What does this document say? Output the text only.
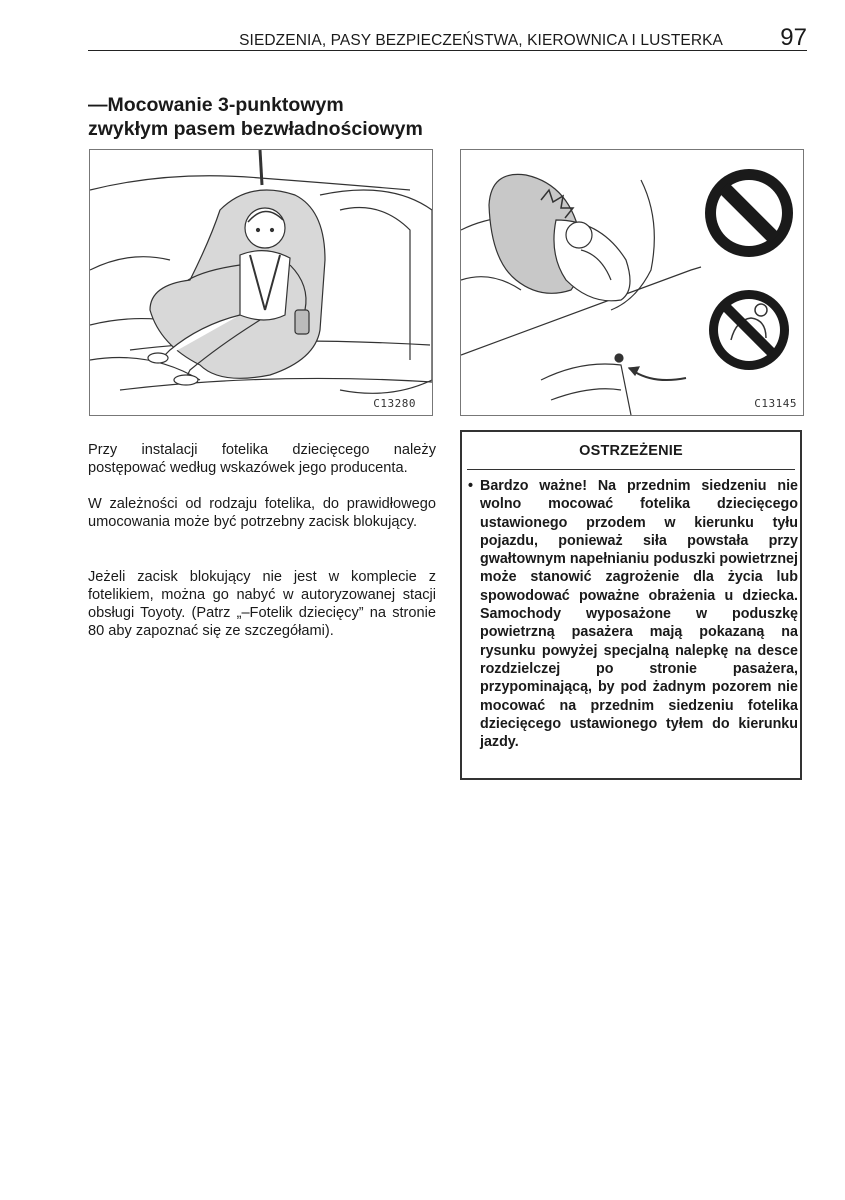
SIEDZENIA, PASY BEZPIECZEŃSTWA, KIEROWNICA I LUSTERKA 97
—Mocowanie 3-punktowym zwykłym pasem bezwładnościowym
C13280	C13145

Przy instalacji fotelika dziecięcego należy postępować według wskazówek jego producenta.

W zależności od rodzaju fotelika, do prawidłowego umocowania może być potrzebny zacisk blokujący.

Jeżeli zacisk blokujący nie jest w komplecie z fotelikiem, można go nabyć w autoryzowanej stacji obsługi Toyoty. (Patrz „–Fotelik dziecięcy” na stronie 80 aby zapoznać się ze szczegółami).

OSTRZEŻENIE
• Bardzo ważne! Na przednim siedzeniu nie wolno mocować fotelika dziecięcego ustawionego przodem w kierunku tyłu pojazdu, ponieważ siła powstała przy gwałtownym napełnianiu poduszki powietrznej może stanowić zagrożenie dla życia lub spowodować poważne obrażenia u dziecka. Samochody wyposażone w poduszkę powietrzną pasażera mają pokazaną na rysunku powyżej specjalną nalepkę na desce rozdzielczej po stronie pasażera, przypominającą, by pod żadnym pozorem nie mocować na przednim siedzeniu fotelika dziecięcego ustawionego tyłem do kierunku jazdy.
